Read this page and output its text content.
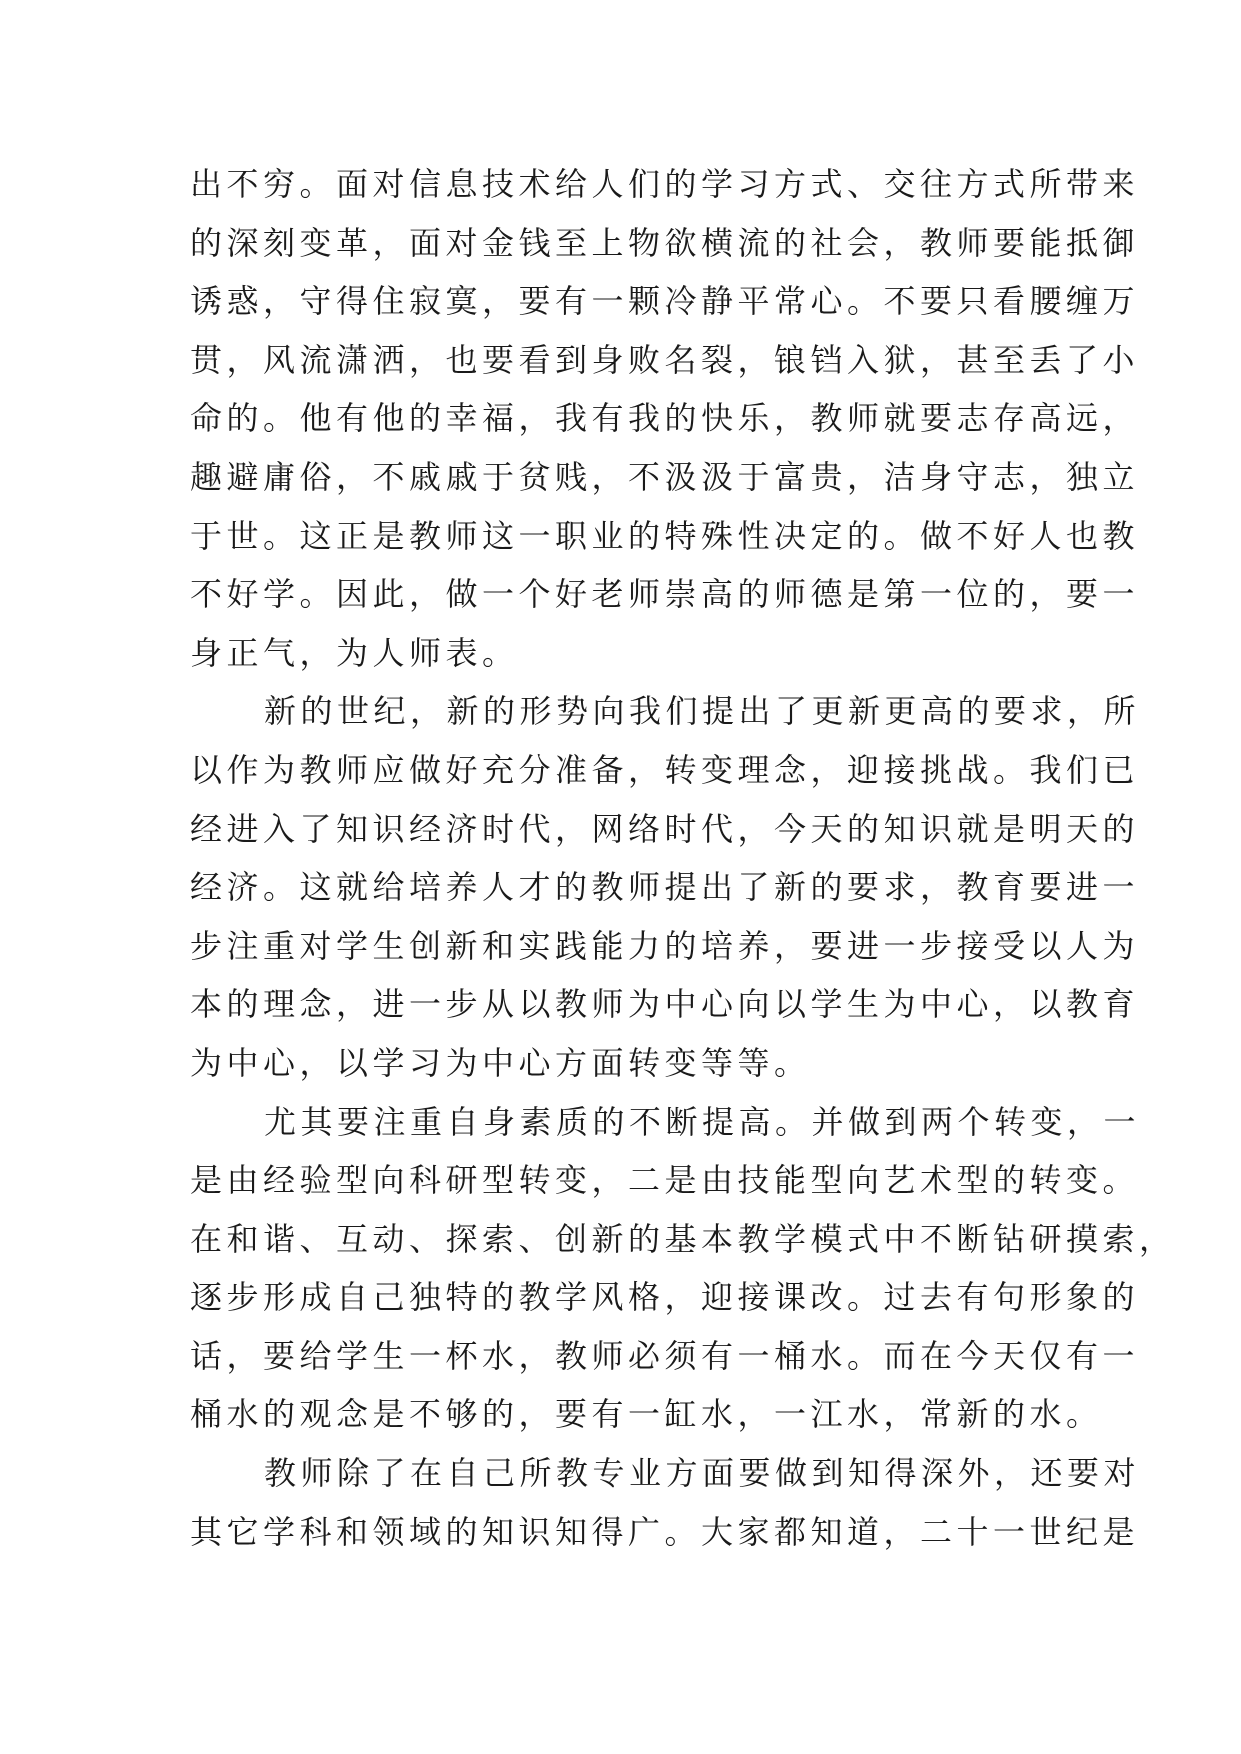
出不穷。面对信息技术给人们的学习方式、交往方式所带来
的深刻变革，面对金钱至上物欲横流的社会，教师要能抵御
诱惑，守得住寂寞，要有一颗冷静平常心。不要只看腰缠万
贯，风流潇洒，也要看到身败名裂，锒铛入狱，甚至丢了小
命的。他有他的幸福，我有我的快乐，教师就要志存高远，
趣避庸俗，不戚戚于贫贱，不汲汲于富贵，洁身守志，独立
于世。这正是教师这一职业的特殊性决定的。做不好人也教
不好学。因此，做一个好老师崇高的师德是第一位的，要一
身正气，为人师表。
新的世纪，新的形势向我们提出了更新更高的要求，所
以作为教师应做好充分准备，转变理念，迎接挑战。我们已
经进入了知识经济时代，网络时代，今天的知识就是明天的
经济。这就给培养人才的教师提出了新的要求，教育要进一
步注重对学生创新和实践能力的培养，要进一步接受以人为
本的理念，进一步从以教师为中心向以学生为中心，以教育
为中心，以学习为中心方面转变等等。
尤其要注重自身素质的不断提高。并做到两个转变，一
是由经验型向科研型转变，二是由技能型向艺术型的转变。
在和谐、互动、探索、创新的基本教学模式中不断钻研摸索，
逐步形成自己独特的教学风格，迎接课改。过去有句形象的
话，要给学生一杯水，教师必须有一桶水。而在今天仅有一
桶水的观念是不够的，要有一缸水，一江水，常新的水。
教师除了在自己所教专业方面要做到知得深外，还要对
其它学科和领域的知识知得广。大家都知道，二十一世纪是
